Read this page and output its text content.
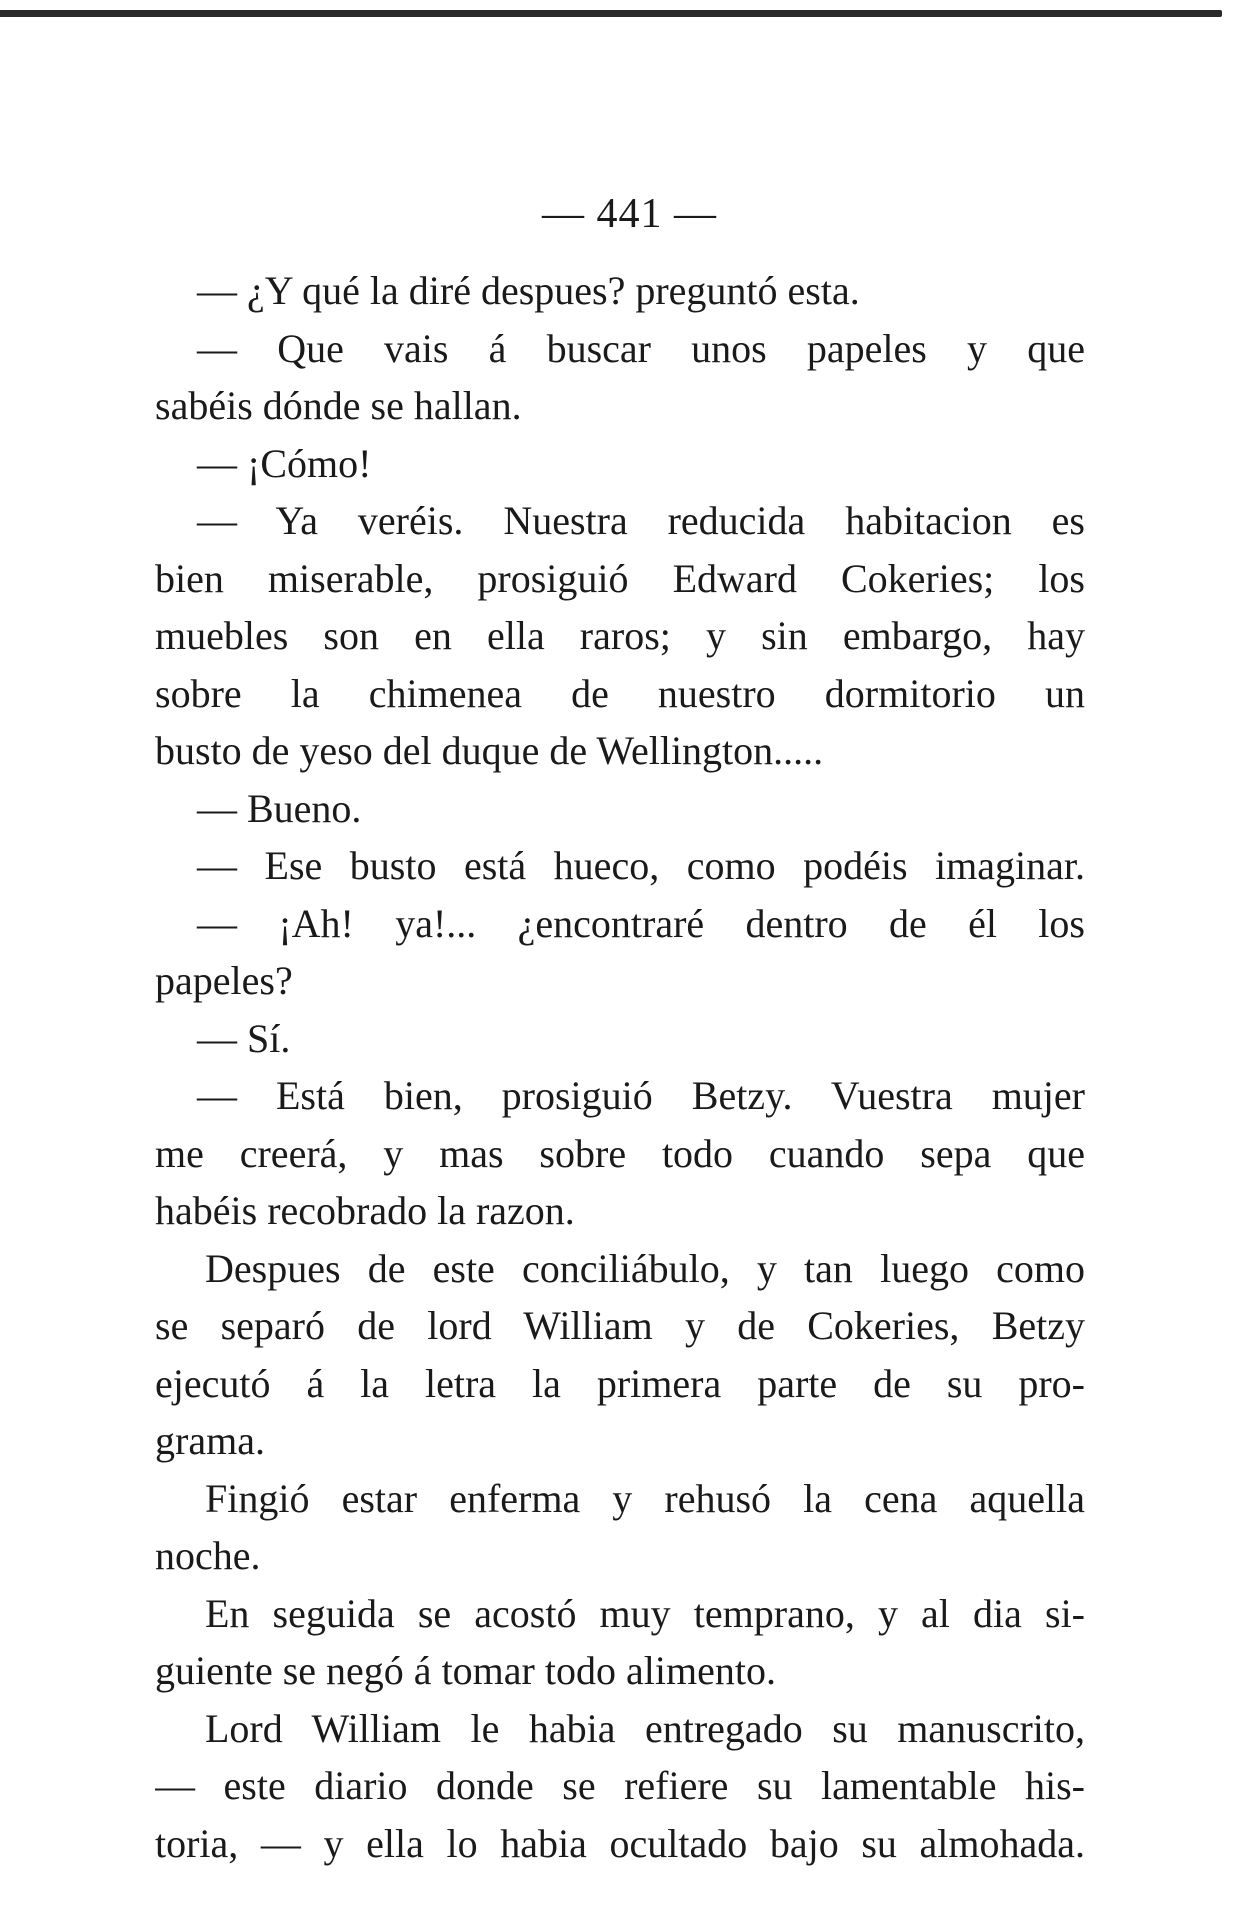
— 441 —
— ¿Y qué la diré despues? preguntó esta.
— Que vais á buscar unos papeles y que
sabéis dónde se hallan.
— ¡Cómo!
— Ya veréis. Nuestra reducida habitacion es
bien miserable, prosiguió Edward Cokeries; los
muebles son en ella raros; y sin embargo, hay
sobre la chimenea de nuestro dormitorio un
busto de yeso del duque de Wellington.....
— Bueno.
— Ese busto está hueco, como podéis imaginar.
— ¡Ah! ya!... ¿encontraré dentro de él los
papeles?
— Sí.
— Está bien, prosiguió Betzy. Vuestra mujer
me creerá, y mas sobre todo cuando sepa que
habéis recobrado la razon.
Despues de este conciliábulo, y tan luego como
se separó de lord William y de Cokeries, Betzy
ejecutó á la letra la primera parte de su pro-
grama.
Fingió estar enferma y rehusó la cena aquella
noche.
En seguida se acostó muy temprano, y al dia si-
guiente se negó á tomar todo alimento.
Lord William le habia entregado su manuscrito,
— este diario donde se refiere su lamentable his-
toria, — y ella lo habia ocultado bajo su almohada.
